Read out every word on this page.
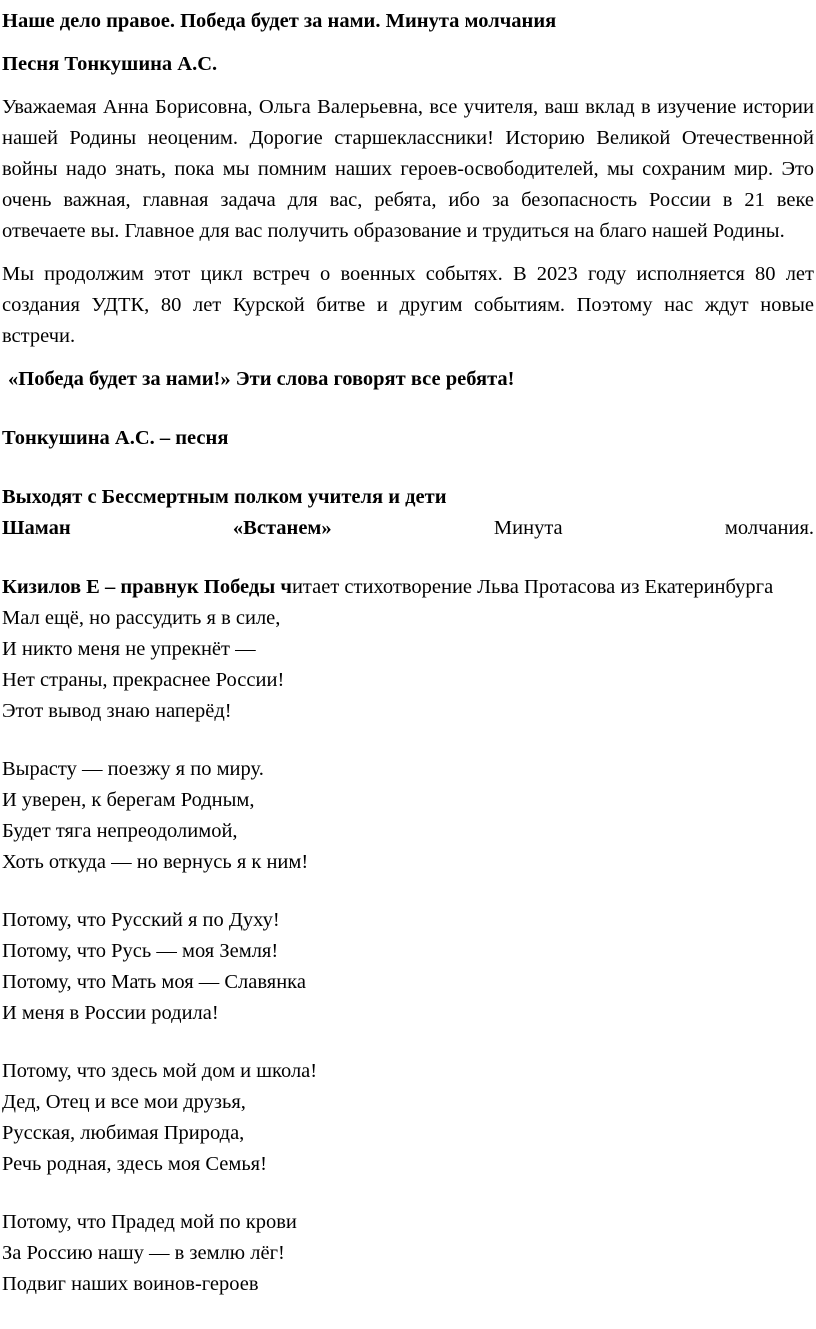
Наше дело правое. Победа будет за нами. Минута молчания
Песня Тонкушина А.С.
Уважаемая Анна Борисовна, Ольга Валерьевна, все учителя, ваш вклад в изучение истории нашей Родины неоценим. Дорогие старшеклассники! Историю Великой Отечественной войны надо знать, пока мы помним наших героев-освободителей, мы сохраним мир. Это очень важная, главная задача для вас, ребята, ибо за безопасность России в 21 веке отвечаете вы. Главное для вас получить образование и трудиться на благо нашей Родины.
Мы продолжим этот цикл встреч о военных событях. В 2023 году исполняется 80 лет создания УДТК, 80 лет Курской битве и другим событиям. Поэтому нас ждут новые встречи.
«Победа будет за нами!» Эти слова говорят все ребята!
Тонкушина А.С. – песня
Выходят с Бессмертным полком учителя и дети
Шаман	«Встанем»	Минута	молчания.
Кизилов Е – правнук Победы читает стихотворение Льва Протасова из Екатеринбурга
Мал ещё, но рассудить я в силе,
И никто меня не упрекнёт —
Нет страны, прекраснее России!
Этот вывод знаю наперёд!
Вырасту — поезжу я по миру.
И уверен, к берегам Родным,
Будет тяга непреодолимой,
Хоть откуда — но вернусь я к ним!
Потому, что Русский я по Духу!
Потому, что Русь — моя Земля!
Потому, что Мать моя — Славянка
И меня в России родила!
Потому, что здесь мой дом и школа!
Дед, Отец и все мои друзья,
Русская, любимая Природа,
Речь родная, здесь моя Семья!
Потому, что Прадед мой по крови
За Россию нашу — в землю лёг!
Подвиг наших воинов-героев
